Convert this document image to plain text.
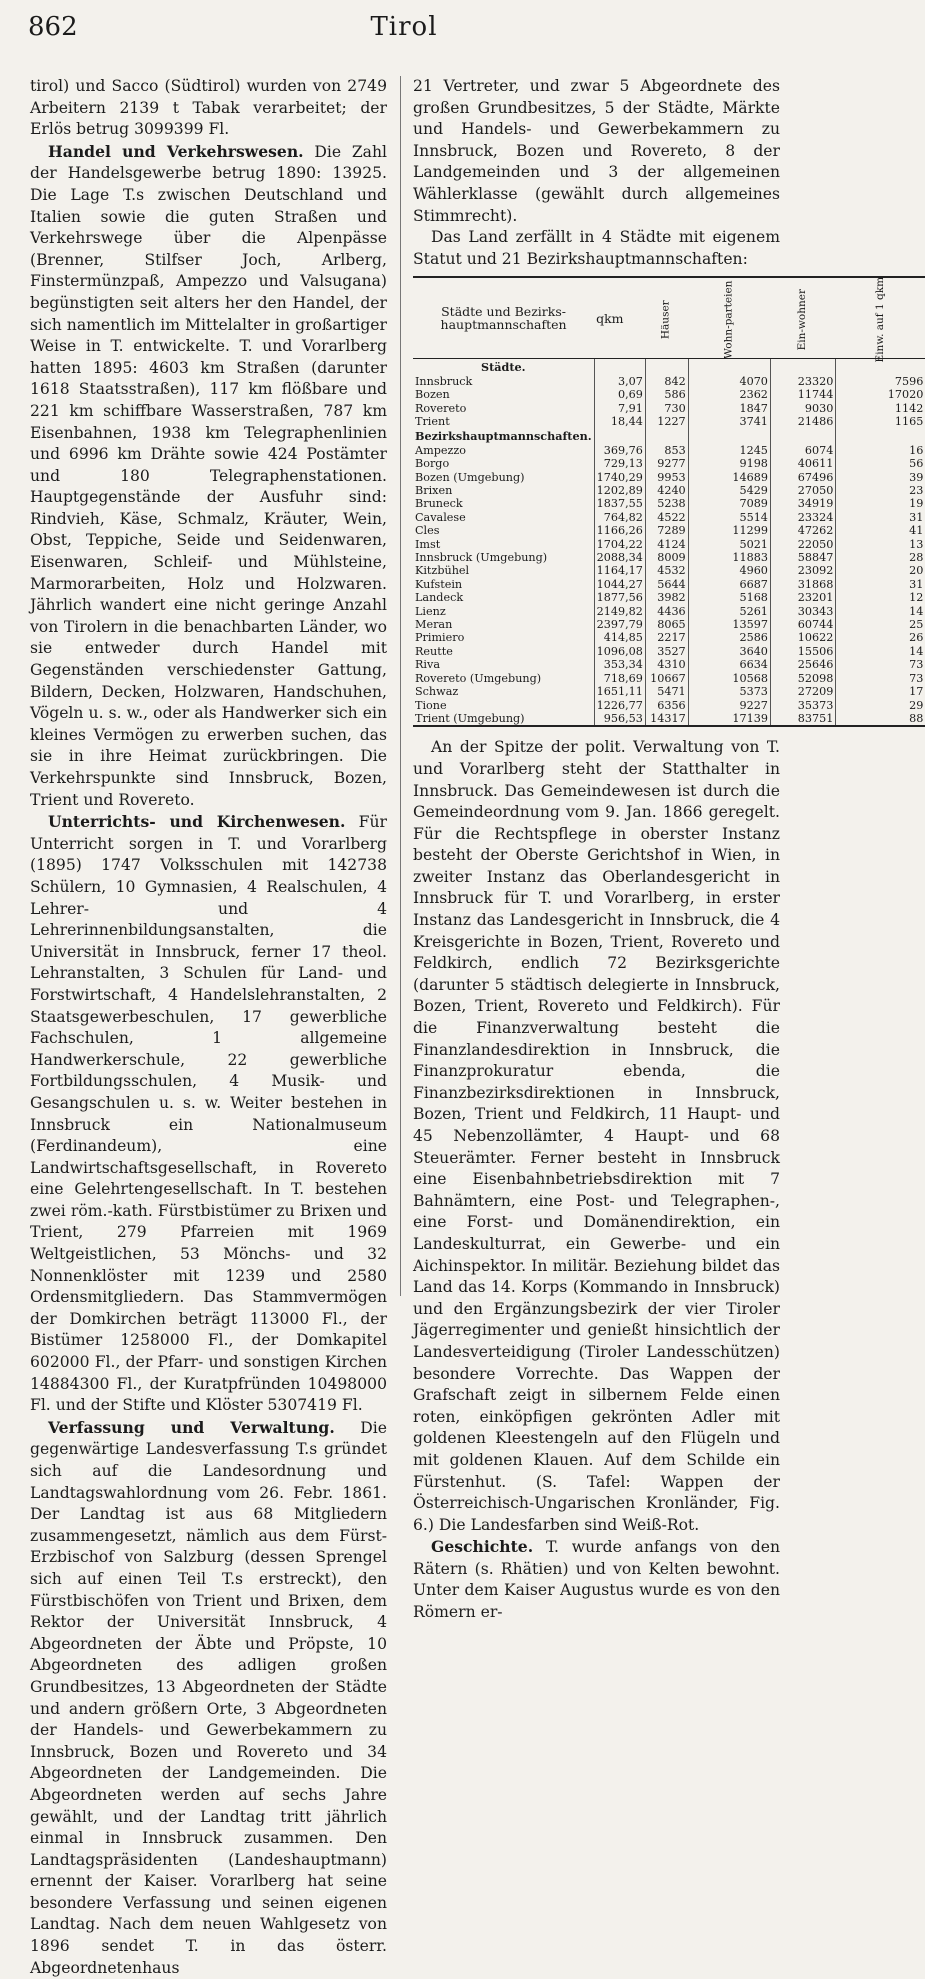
862	Tirol

tirol) und Sacco (Südtirol) wurden von 2749 Arbeitern 2139 t Tabak verarbeitet; der Erlös betrug 3099399 Fl.

Handel und Verkehrswesen. Die Zahl der Handelsgewerbe betrug 1890: 13925. Die Lage T.s zwischen Deutschland und Italien sowie die guten Straßen und Verkehrswege über die Alpenpässe (Brenner, Stilfser Joch, Arlberg, Finstermünzpaß, Ampezzo und Valsugana) begünstigten seit alters her den Handel, der sich namentlich im Mittelalter in großartiger Weise in T. entwickelte. T. und Vorarlberg hatten 1895: 4603 km Straßen (darunter 1618 Staatsstraßen), 117 km flößbare und 221 km schiffbare Wasserstraßen, 787 km Eisenbahnen, 1938 km Telegraphenlinien und 6996 km Drähte sowie 424 Postämter und 180 Telegraphenstationen. Hauptgegenstände der Ausfuhr sind: Rindvieh, Käse, Schmalz, Kräuter, Wein, Obst, Teppiche, Seide und Seidenwaren, Eisenwaren, Schleif- und Mühlsteine, Marmorarbeiten, Holz und Holzwaren. Jährlich wandert eine nicht geringe Anzahl von Tirolern in die benachbarten Länder, wo sie entweder durch Handel mit Gegenständen verschiedenster Gattung, Bildern, Decken, Holzwaren, Handschuhen, Vögeln u. s. w., oder als Handwerker sich ein kleines Vermögen zu erwerben suchen, das sie in ihre Heimat zurückbringen. Die Verkehrspunkte sind Innsbruck, Bozen, Trient und Rovereto.

Unterrichts- und Kirchenwesen. Für Unterricht sorgen in T. und Vorarlberg (1895) 1747 Volksschulen mit 142738 Schülern, 10 Gymnasien, 4 Realschulen, 4 Lehrer- und 4 Lehrerinnenbildungsanstalten, die Universität in Innsbruck, ferner 17 theol. Lehranstalten, 3 Schulen für Land- und Forstwirtschaft, 4 Handelslehranstalten, 2 Staatsgewerbeschulen, 17 gewerbliche Fachschulen, 1 allgemeine Handwerkerschule, 22 gewerbliche Fortbildungsschulen, 4 Musik- und Gesangschulen u. s. w. Weiter bestehen in Innsbruck ein Nationalmuseum (Ferdinandeum), eine Landwirtschaftsgesellschaft, in Rovereto eine Gelehrtengesellschaft. In T. bestehen zwei röm.-kath. Fürstbistümer zu Brixen und Trient, 279 Pfarreien mit 1969 Weltgeistlichen, 53 Mönchs- und 32 Nonnenklöster mit 1239 und 2580 Ordensmitgliedern. Das Stammvermögen der Domkirchen beträgt 113000 Fl., der Bistümer 1258000 Fl., der Domkapitel 602000 Fl., der Pfarr- und sonstigen Kirchen 14884300 Fl., der Kuratpfründen 10498000 Fl. und der Stifte und Klöster 5307419 Fl.

Verfassung und Verwaltung. Die gegenwärtige Landesverfassung T.s gründet sich auf die Landesordnung und Landtagswahlordnung vom 26. Febr. 1861. Der Landtag ist aus 68 Mitgliedern zusammengesetzt, nämlich aus dem Fürst-Erzbischof von Salzburg (dessen Sprengel sich auf einen Teil T.s erstreckt), den Fürstbischöfen von Trient und Brixen, dem Rektor der Universität Innsbruck, 4 Abgeordneten der Äbte und Pröpste, 10 Abgeordneten des adligen großen Grundbesitzes, 13 Abgeordneten der Städte und andern größern Orte, 3 Abgeordneten der Handels- und Gewerbekammern zu Innsbruck, Bozen und Rovereto und 34 Abgeordneten der Landgemeinden. Die Abgeordneten werden auf sechs Jahre gewählt, und der Landtag tritt jährlich einmal in Innsbruck zusammen. Den Landtagspräsidenten (Landeshauptmann) ernennt der Kaiser. Vorarlberg hat seine besondere Verfassung und seinen eigenen Landtag. Nach dem neuen Wahlgesetz von 1896 sendet T. in das österr. Abgeordnetenhaus

21 Vertreter, und zwar 5 Abgeordnete des großen Grundbesitzes, 5 der Städte, Märkte und Handels- und Gewerbekammern zu Innsbruck, Bozen und Rovereto, 8 der Landgemeinden und 3 der allgemeinen Wählerklasse (gewählt durch allgemeines Stimmrecht).

Das Land zerfällt in 4 Städte mit eigenem Statut und 21 Bezirkshauptmannschaften:

Städte und Bezirks-hauptmannschaften	qkm	Häuser	Wohn-parteien	Ein-wohner	Einw. auf 1 qkm
Städte.					
Innsbruck	3,07	842	4070	23320	7596
Bozen	0,69	586	2362	11744	17020
Rovereto	7,91	730	1847	9030	1142
Trient	18,44	1227	3741	21486	1165
Bezirkshauptmannschaften.					
Ampezzo	369,76	853	1245	6074	16
Borgo	729,13	9277	9198	40611	56
Bozen (Umgebung)	1740,29	9953	14689	67496	39
Brixen	1202,89	4240	5429	27050	23
Bruneck	1837,55	5238	7089	34919	19
Cavalese	764,82	4522	5514	23324	31
Cles	1166,26	7289	11299	47262	41
Imst	1704,22	4124	5021	22050	13
Innsbruck (Umgebung)	2088,34	8009	11883	58847	28
Kitzbühel	1164,17	4532	4960	23092	20
Kufstein	1044,27	5644	6687	31868	31
Landeck	1877,56	3982	5168	23201	12
Lienz	2149,82	4436	5261	30343	14
Meran	2397,79	8065	13597	60744	25
Primiero	414,85	2217	2586	10622	26
Reutte	1096,08	3527	3640	15506	14
Riva	353,34	4310	6634	25646	73
Rovereto (Umgebung)	718,69	10667	10568	52098	73
Schwaz	1651,11	5471	5373	27209	17
Tione	1226,77	6356	9227	35373	29
Trient (Umgebung)	956,53	14317	17139	83751	88

An der Spitze der polit. Verwaltung von T. und Vorarlberg steht der Statthalter in Innsbruck. Das Gemeindewesen ist durch die Gemeindeordnung vom 9. Jan. 1866 geregelt. Für die Rechtspflege in oberster Instanz besteht der Oberste Gerichtshof in Wien, in zweiter Instanz das Oberlandesgericht in Innsbruck für T. und Vorarlberg, in erster Instanz das Landesgericht in Innsbruck, die 4 Kreisgerichte in Bozen, Trient, Rovereto und Feldkirch, endlich 72 Bezirksgerichte (darunter 5 städtisch delegierte in Innsbruck, Bozen, Trient, Rovereto und Feldkirch). Für die Finanzverwaltung besteht die Finanzlandesdirektion in Innsbruck, die Finanzprokuratur ebenda, die Finanzbezirksdirektionen in Innsbruck, Bozen, Trient und Feldkirch, 11 Haupt- und 45 Nebenzollämter, 4 Haupt- und 68 Steuerämter. Ferner besteht in Innsbruck eine Eisenbahnbetriebsdirektion mit 7 Bahnämtern, eine Post- und Telegraphen-, eine Forst- und Domänendirektion, ein Landeskulturrat, ein Gewerbe- und ein Aichinspektor. In militär. Beziehung bildet das Land das 14. Korps (Kommando in Innsbruck) und den Ergänzungsbezirk der vier Tiroler Jägerregimenter und genießt hinsichtlich der Landesverteidigung (Tiroler Landesschützen) besondere Vorrechte. Das Wappen der Grafschaft zeigt in silbernem Felde einen roten, einköpfigen gekrönten Adler mit goldenen Kleestengeln auf den Flügeln und mit goldenen Klauen. Auf dem Schilde ein Fürstenhut. (S. Tafel: Wappen der Österreichisch-Ungarischen Kronländer, Fig. 6.) Die Landesfarben sind Weiß-Rot.

Geschichte. T. wurde anfangs von den Rätern (s. Rhätien) und von Kelten bewohnt. Unter dem Kaiser Augustus wurde es von den Römern er-
